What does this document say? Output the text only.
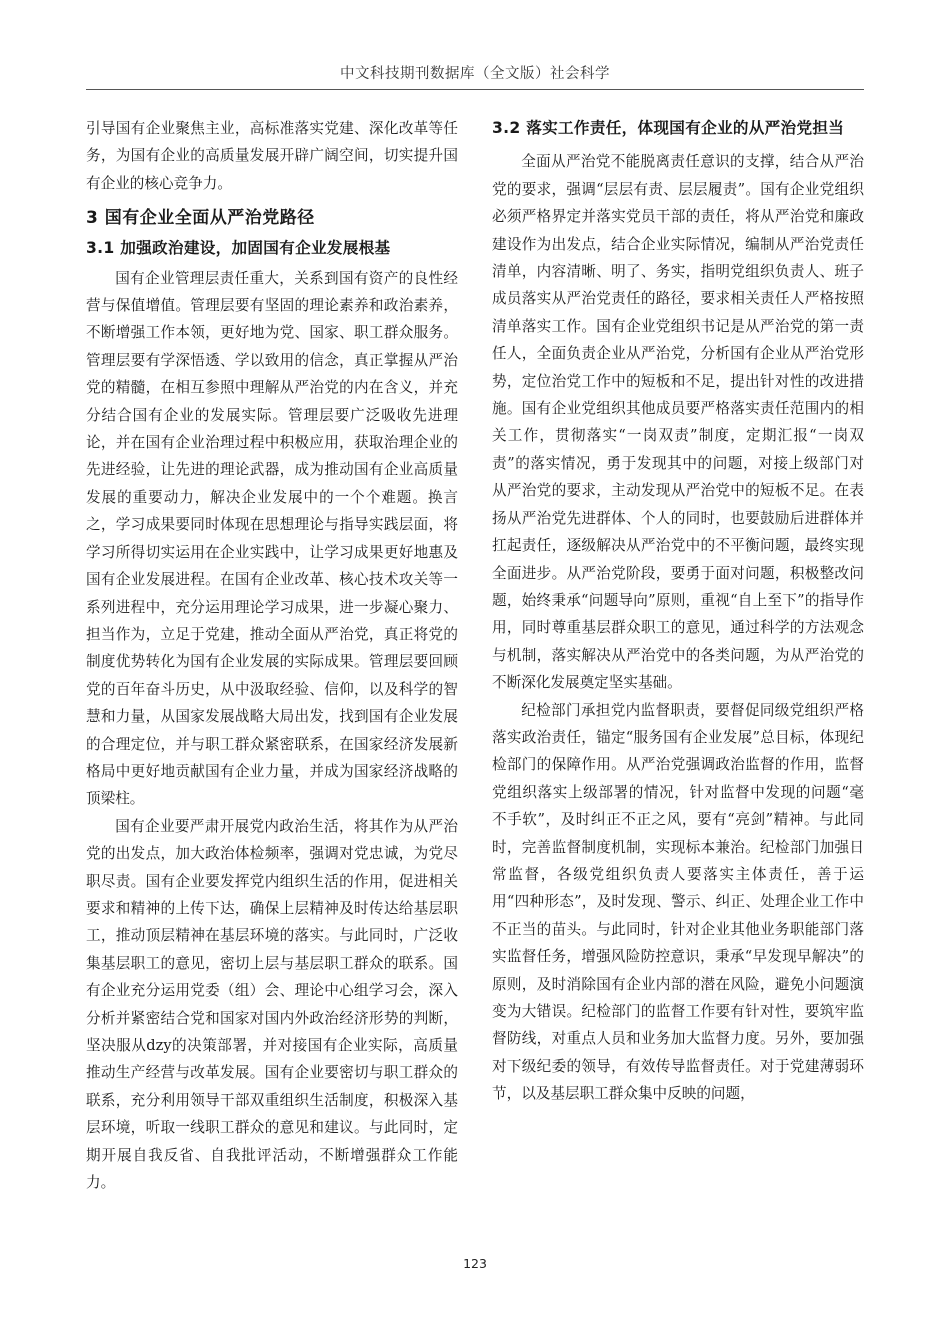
中文科技期刊数据库（全文版）社会科学

引导国有企业聚焦主业，高标准落实党建、深化改革等任务，为国有企业的高质量发展开辟广阔空间，切实提升国有企业的核心竞争力。

3 国有企业全面从严治党路径
3.1 加强政治建设，加固国有企业发展根基

国有企业管理层责任重大，关系到国有资产的良性经营与保值增值。管理层要有坚固的理论素养和政治素养，不断增强工作本领，更好地为党、国家、职工群众服务。管理层要有学深悟透、学以致用的信念，真正掌握从严治党的精髓，在相互参照中理解从严治党的内在含义，并充分结合国有企业的发展实际。管理层要广泛吸收先进理论，并在国有企业治理过程中积极应用，获取治理企业的先进经验，让先进的理论武器，成为推动国有企业高质量发展的重要动力，解决企业发展中的一个个难题。换言之，学习成果要同时体现在思想理论与指导实践层面，将学习所得切实运用在企业实践中，让学习成果更好地惠及国有企业发展进程。在国有企业改革、核心技术攻关等一系列进程中，充分运用理论学习成果，进一步凝心聚力、担当作为，立足于党建，推动全面从严治党，真正将党的制度优势转化为国有企业发展的实际成果。管理层要回顾党的百年奋斗历史，从中汲取经验、信仰，以及科学的智慧和力量，从国家发展战略大局出发，找到国有企业发展的合理定位，并与职工群众紧密联系，在国家经济发展新格局中更好地贡献国有企业力量，并成为国家经济战略的顶梁柱。

国有企业要严肃开展党内政治生活，将其作为从严治党的出发点，加大政治体检频率，强调对党忠诚，为党尽职尽责。国有企业要发挥党内组织生活的作用，促进相关要求和精神的上传下达，确保上层精神及时传达给基层职工，推动顶层精神在基层环境的落实。与此同时，广泛收集基层职工的意见，密切上层与基层职工群众的联系。国有企业充分运用党委（组）会、理论中心组学习会，深入分析并紧密结合党和国家对国内外政治经济形势的判断，坚决服从dzy的决策部署，并对接国有企业实际，高质量推动生产经营与改革发展。国有企业要密切与职工群众的联系，充分利用领导干部双重组织生活制度，积极深入基层环境，听取一线职工群众的意见和建议。与此同时，定期开展自我反省、自我批评活动，不断增强群众工作能力。

3.2 落实工作责任，体现国有企业的从严治党担当

全面从严治党不能脱离责任意识的支撑，结合从严治党的要求，强调“层层有责、层层履责”。国有企业党组织必须严格界定并落实党员干部的责任，将从严治党和廉政建设作为出发点，结合企业实际情况，编制从严治党责任清单，内容清晰、明了、务实，指明党组织负责人、班子成员落实从严治党责任的路径，要求相关责任人严格按照清单落实工作。国有企业党组织书记是从严治党的第一责任人，全面负责企业从严治党，分析国有企业从严治党形势，定位治党工作中的短板和不足，提出针对性的改进措施。国有企业党组织其他成员要严格落实责任范围内的相关工作，贯彻落实“一岗双责”制度，定期汇报“一岗双责”的落实情况，勇于发现其中的问题，对接上级部门对从严治党的要求，主动发现从严治党中的短板不足。在表扬从严治党先进群体、个人的同时，也要鼓励后进群体并扛起责任，逐级解决从严治党中的不平衡问题，最终实现全面进步。从严治党阶段，要勇于面对问题，积极整改问题，始终秉承“问题导向”原则，重视“自上至下”的指导作用，同时尊重基层群众职工的意见，通过科学的方法观念与机制，落实解决从严治党中的各类问题，为从严治党的不断深化发展奠定坚实基础。

纪检部门承担党内监督职责，要督促同级党组织严格落实政治责任，锚定“服务国有企业发展”总目标，体现纪检部门的保障作用。从严治党强调政治监督的作用，监督党组织落实上级部署的情况，针对监督中发现的问题“毫不手软”，及时纠正不正之风，要有“亮剑”精神。与此同时，完善监督制度机制，实现标本兼治。纪检部门加强日常监督，各级党组织负责人要落实主体责任，善于运用“四种形态”，及时发现、警示、纠正、处理企业工作中不正当的苗头。与此同时，针对企业其他业务职能部门落实监督任务，增强风险防控意识，秉承“早发现早解决”的原则，及时消除国有企业内部的潜在风险，避免小问题演变为大错误。纪检部门的监督工作要有针对性，要筑牢监督防线，对重点人员和业务加大监督力度。另外，要加强对下级纪委的领导，有效传导监督责任。对于党建薄弱环节，以及基层职工群众集中反映的问题，

123
